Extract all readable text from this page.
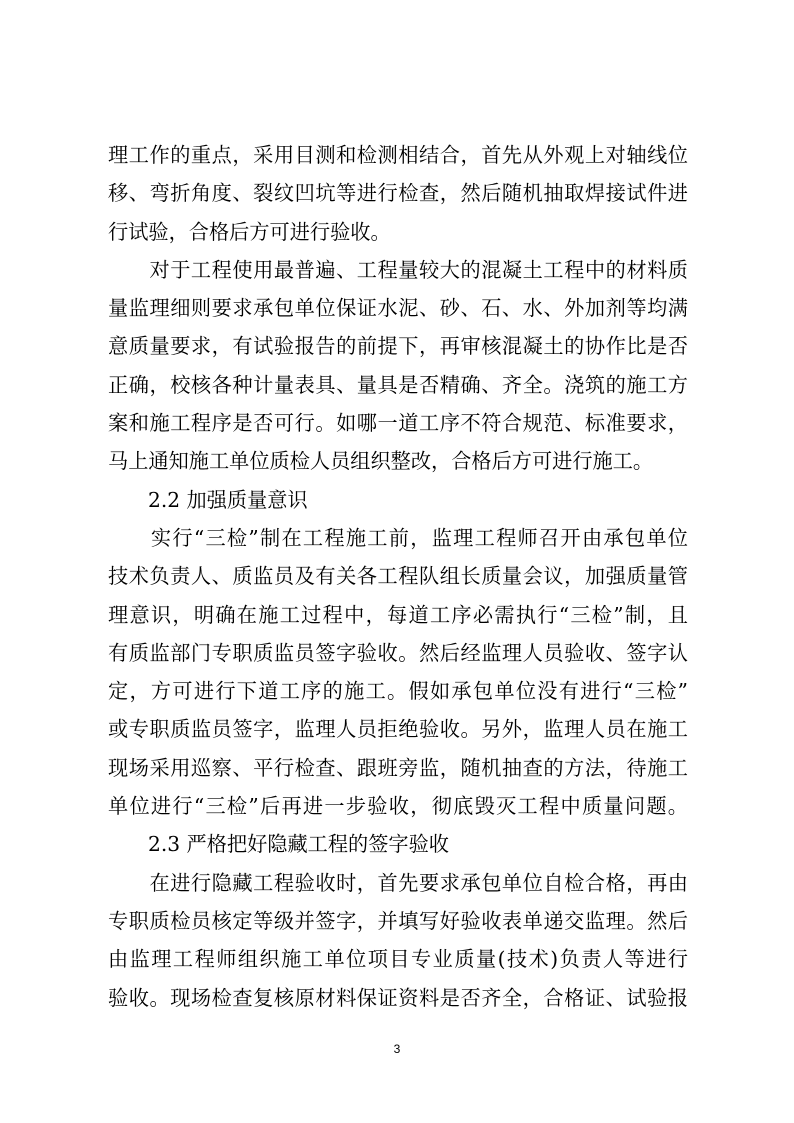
理工作的重点，采用目测和检测相结合，首先从外观上对轴线位
移、弯折角度、裂纹凹坑等进行检查，然后随机抽取焊接试件进
行试验，合格后方可进行验收。
　　对于工程使用最普遍、工程量较大的混凝土工程中的材料质
量监理细则要求承包单位保证水泥、砂、石、水、外加剂等均满
意质量要求，有试验报告的前提下，再审核混凝土的协作比是否
正确，校核各种计量表具、量具是否精确、齐全。浇筑的施工方
案和施工程序是否可行。如哪一道工序不符合规范、标准要求，
马上通知施工单位质检人员组织整改，合格后方可进行施工。
2.2 加强质量意识
　　实行“三检”制在工程施工前，监理工程师召开由承包单位
技术负责人、质监员及有关各工程队组长质量会议，加强质量管
理意识，明确在施工过程中，每道工序必需执行“三检”制，且
有质监部门专职质监员签字验收。然后经监理人员验收、签字认
定，方可进行下道工序的施工。假如承包单位没有进行“三检”
或专职质监员签字，监理人员拒绝验收。另外，监理人员在施工
现场采用巡察、平行检查、跟班旁监，随机抽查的方法，待施工
单位进行“三检”后再进一步验收，彻底毁灭工程中质量问题。
2.3 严格把好隐藏工程的签字验收
　　在进行隐藏工程验收时，首先要求承包单位自检合格，再由
专职质检员核定等级并签字，并填写好验收表单递交监理。然后
由监理工程师组织施工单位项目专业质量(技术)负责人等进行
验收。现场检查复核原材料保证资料是否齐全，合格证、试验报
3
